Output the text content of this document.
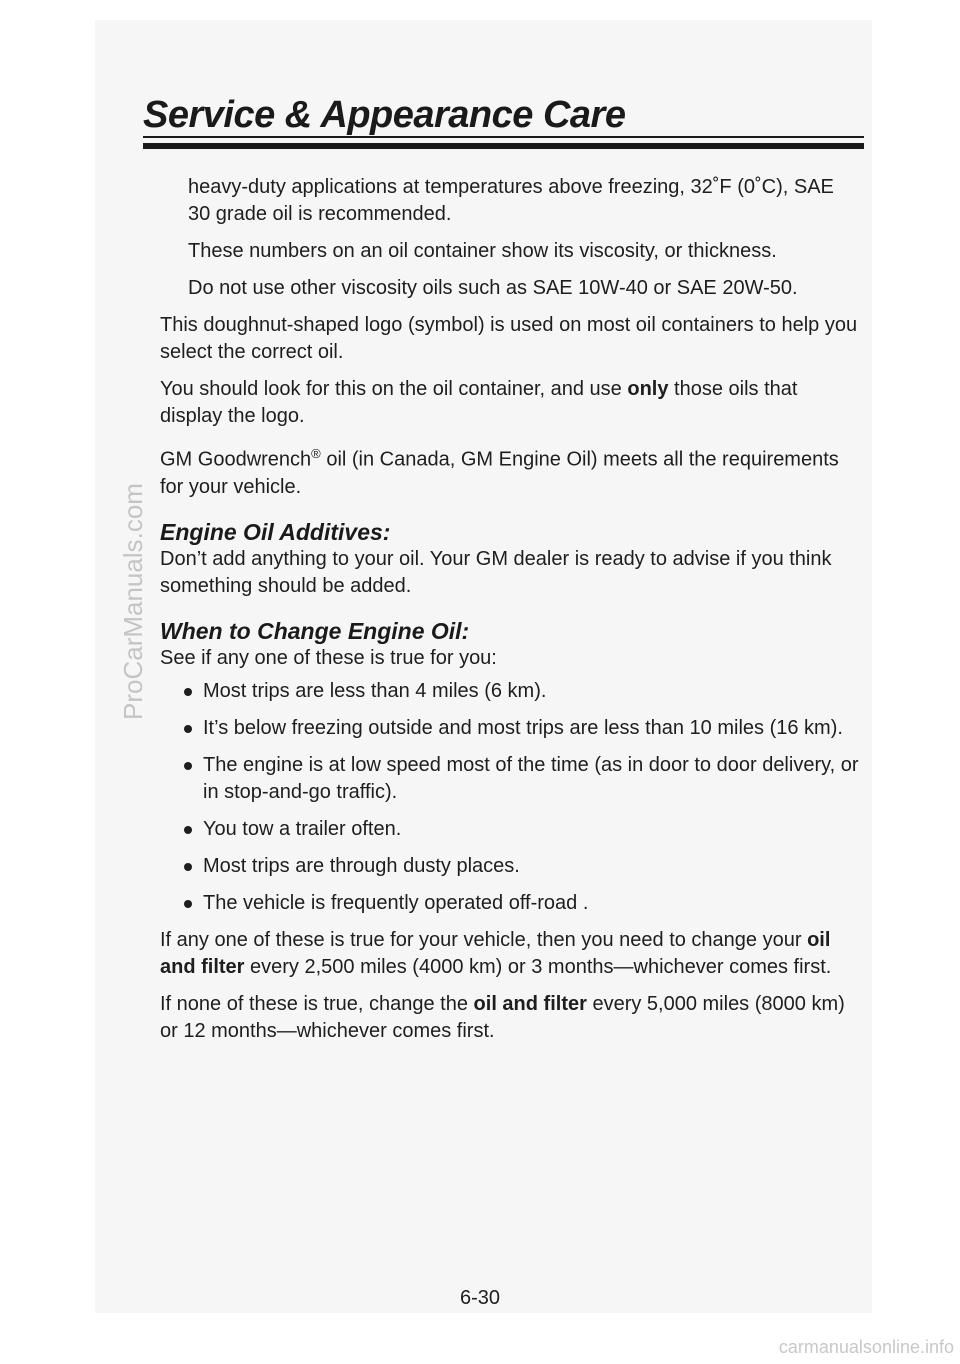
Service & Appearance Care

heavy-duty applications at temperatures above freezing, 32˚F (0˚C), SAE 30 grade oil is recommended.

These numbers on an oil container show its viscosity, or thickness.

Do not use other viscosity oils such as SAE 10W-40 or SAE 20W-50.

This doughnut-shaped logo (symbol) is used on most oil containers to help you select the correct oil.

You should look for this on the oil container, and use only those oils that display the logo.

GM Goodwrench® oil (in Canada, GM Engine Oil) meets all the requirements for your vehicle.

Engine Oil Additives:

Don’t add anything to your oil. Your GM dealer is ready to advise if you think something should be added.

When to Change Engine Oil:

See if any one of these is true for you:

Most trips are less than 4 miles (6 km).
It’s below freezing outside and most trips are less than 10 miles (16 km).
The engine is at low speed most of the time (as in door to door delivery, or in stop-and-go traffic).
You tow a trailer often.
Most trips are through dusty places.
The vehicle is frequently operated off-road .

If any one of these is true for your vehicle, then you need to change your oil and filter every 2,500 miles (4000 km) or 3 months—whichever comes first.

If none of these is true, change the oil and filter every 5,000 miles (8000 km) or 12 months—whichever comes first.

6-30
ProCarManuals.com
carmanualsonline.info
